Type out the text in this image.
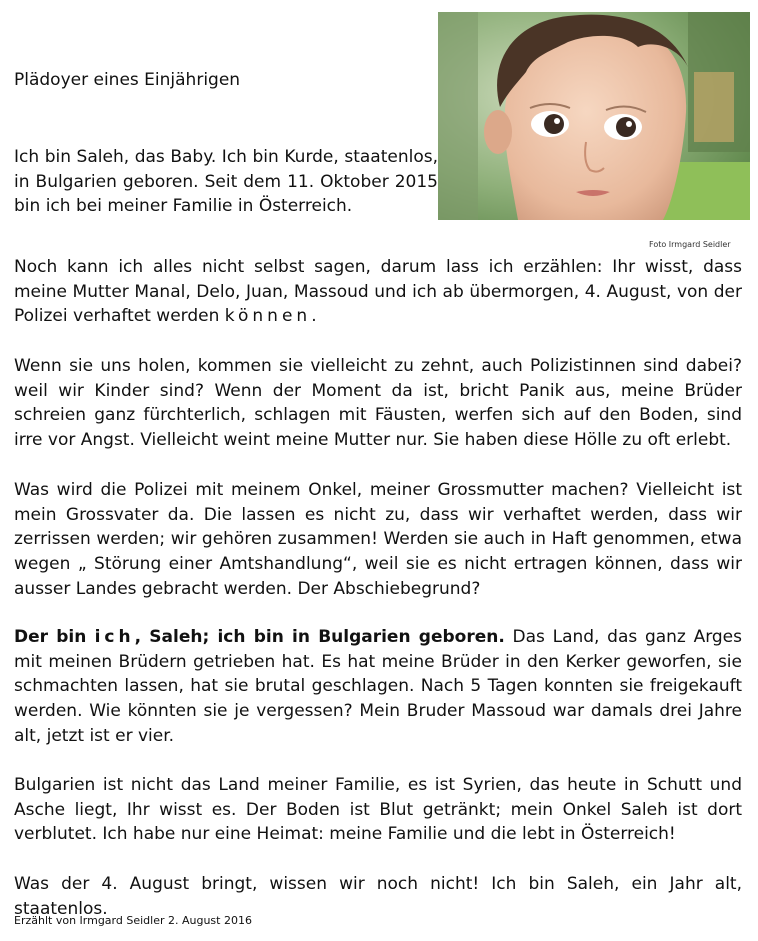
Plädoyer eines Einjährigen
Foto Irmgard Seidler

Ich bin Saleh, das Baby. Ich bin Kurde, staatenlos, in Bulgarien geboren. Seit dem 11. Oktober 2015 bin ich bei meiner Familie in Österreich.

Noch kann ich alles nicht selbst sagen, darum lass ich erzählen: Ihr wisst, dass meine Mutter Manal, Delo, Juan, Massoud und ich ab übermorgen, 4. August, von der Polizei verhaftet werden können.

Wenn sie uns holen, kommen sie vielleicht zu zehnt, auch Polizistinnen sind dabei? weil wir Kinder sind? Wenn der Moment da ist, bricht Panik aus, meine Brüder schreien ganz fürchterlich, schlagen mit Fäusten, werfen sich auf den Boden, sind irre vor Angst. Vielleicht weint meine Mutter nur. Sie haben diese Hölle zu oft erlebt.

Was wird die Polizei mit meinem Onkel, meiner Grossmutter machen? Vielleicht ist mein Grossvater da. Die lassen es nicht zu, dass wir verhaftet werden, dass wir zerrissen werden; wir gehören zusammen! Werden sie auch in Haft genommen, etwa wegen „ Störung einer Amtshandlung“, weil sie es nicht ertragen können, dass wir ausser Landes gebracht werden. Der Abschiebegrund?

Der bin ich, Saleh; ich bin in Bulgarien geboren. Das Land, das ganz Arges mit meinen Brüdern getrieben hat. Es hat meine Brüder in den Kerker geworfen, sie schmachten lassen, hat sie brutal geschlagen. Nach 5 Tagen konnten sie freigekauft werden. Wie könnten sie je vergessen? Mein Bruder Massoud war damals drei Jahre alt, jetzt ist er vier.

Bulgarien ist nicht das Land meiner Familie, es ist Syrien, das heute in Schutt und Asche liegt, Ihr wisst es. Der Boden ist Blut getränkt; mein Onkel Saleh ist dort verblutet. Ich habe nur eine Heimat: meine Familie und die lebt in Österreich!

Was der 4. August bringt, wissen wir noch nicht! Ich bin Saleh, ein Jahr alt, staatenlos.

Erzählt von Irmgard Seidler 2. August 2016
